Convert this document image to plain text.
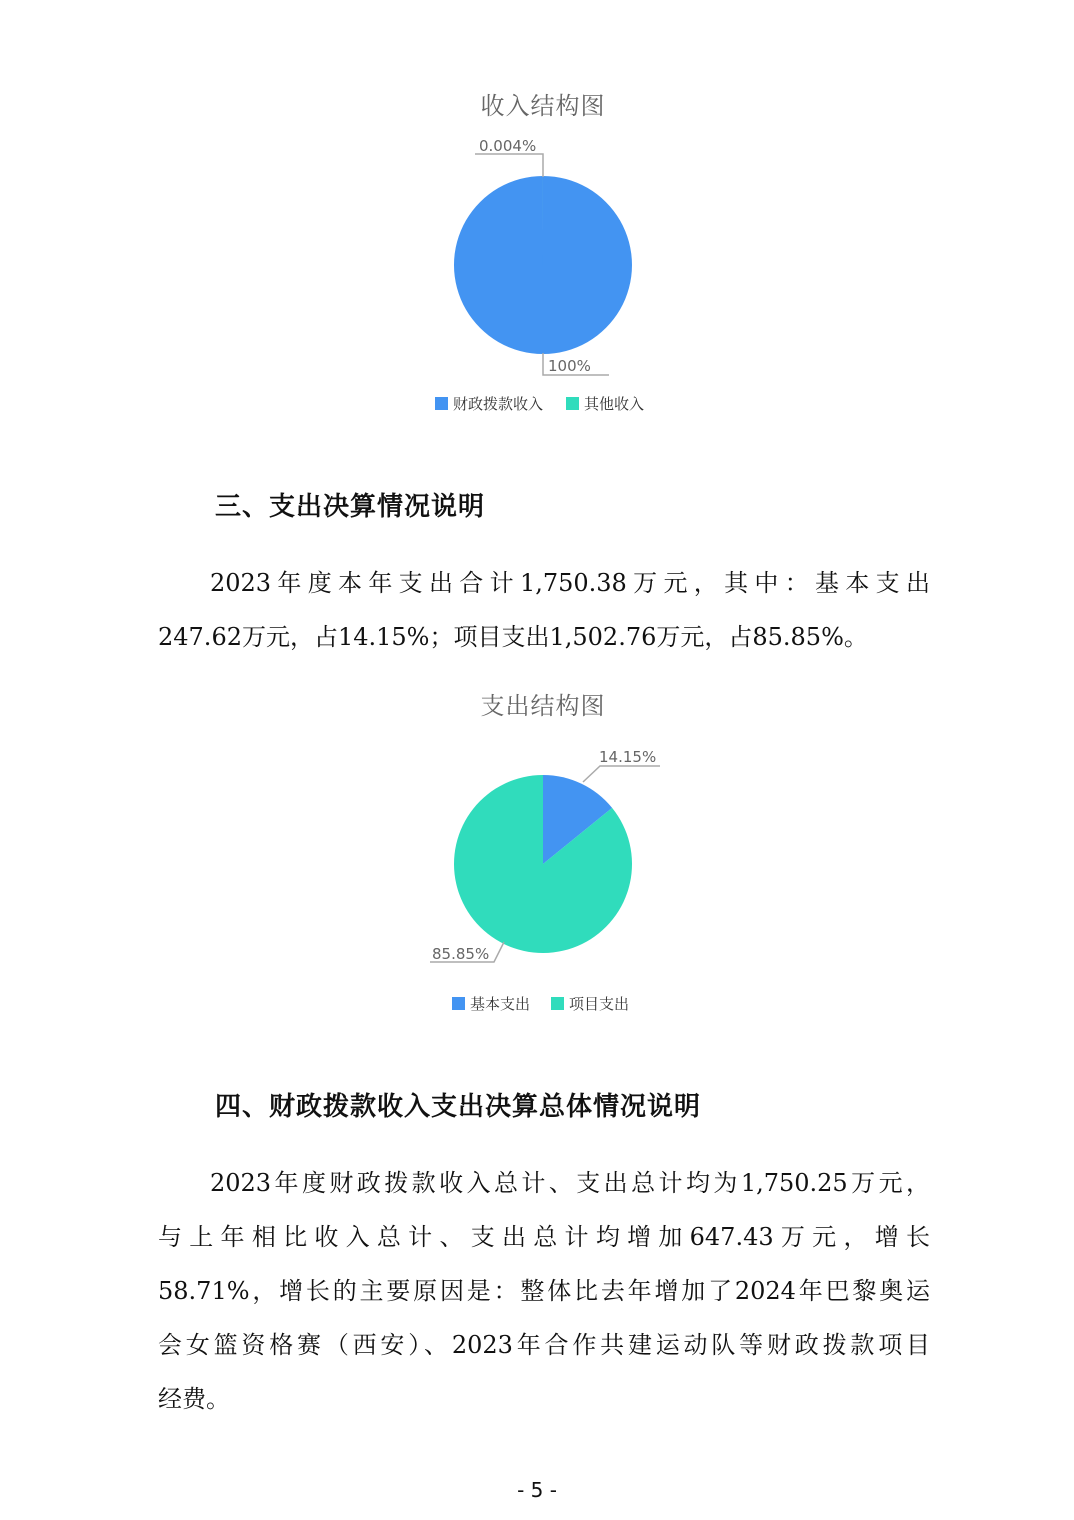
收入结构图
0.004%
100%
财政拨款收入	其他收入
三、支出决算情况说明
2023年度本年支出合计1,750.38万元，其中：基本支出
247.62万元，占14.15%；项目支出1,502.76万元，占85.85%。
支出结构图
14.15%
85.85%
基本支出	项目支出
四、财政拨款收入支出决算总体情况说明
2023年度财政拨款收入总计、支出总计均为1,750.25万元，
与上年相比收入总计、支出总计均增加647.43万元，增长
58.71%，增长的主要原因是：整体比去年增加了2024年巴黎奥运
会女篮资格赛（西安）、2023年合作共建运动队等财政拨款项目
经费。
- 5 -
